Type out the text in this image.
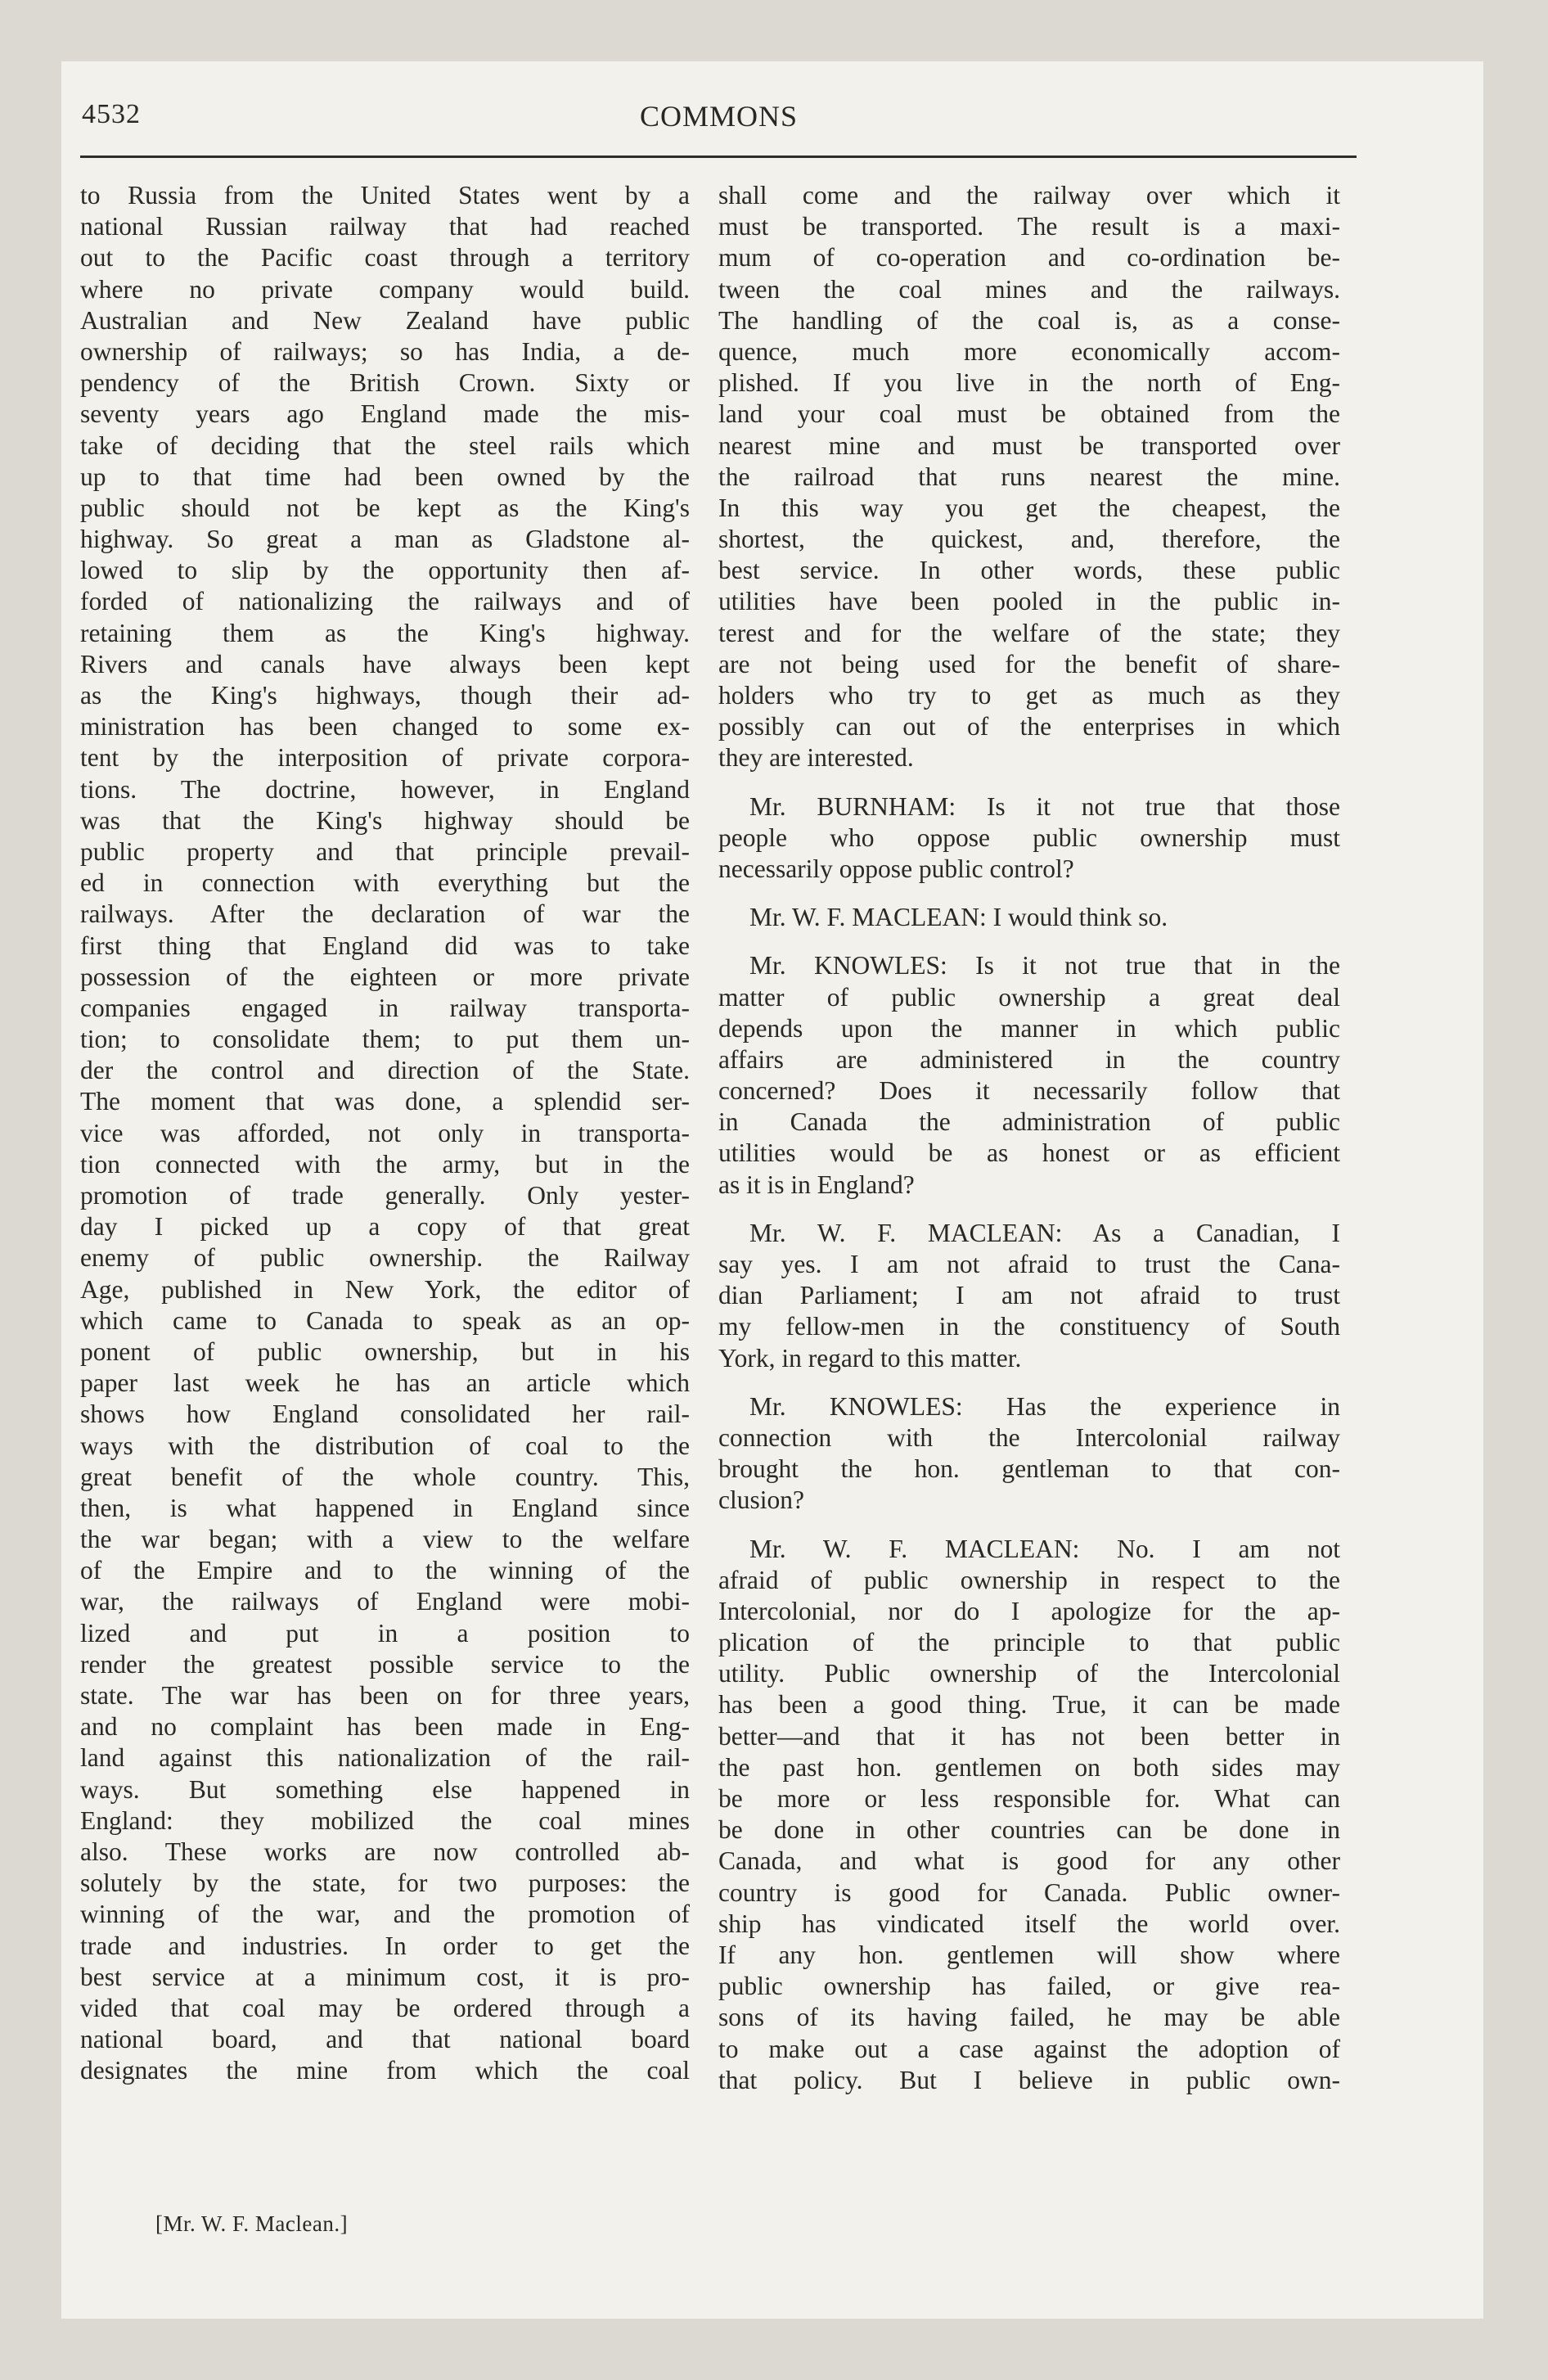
4532	COMMONS
to Russia from the United States went by a
national Russian railway that had reached
out to the Pacific coast through a territory
where no private company would build.
Australian and New Zealand have public
ownership of railways; so has India, a de-
pendency of the British Crown. Sixty or
seventy years ago England made the mis-
take of deciding that the steel rails which
up to that time had been owned by the
public should not be kept as the King's
highway. So great a man as Gladstone al-
lowed to slip by the opportunity then af-
forded of nationalizing the railways and of
retaining them as the King's highway.
Rivers and canals have always been kept
as the King's highways, though their ad-
ministration has been changed to some ex-
tent by the interposition of private corpora-
tions. The doctrine, however, in England
was that the King's highway should be
public property and that principle prevail-
ed in connection with everything but the
railways. After the declaration of war the
first thing that England did was to take
possession of the eighteen or more private
companies engaged in railway transporta-
tion; to consolidate them; to put them un-
der the control and direction of the State.
The moment that was done, a splendid ser-
vice was afforded, not only in transporta-
tion connected with the army, but in the
promotion of trade generally. Only yester-
day I picked up a copy of that great
enemy of public ownership. the Railway
Age, published in New York, the editor of
which came to Canada to speak as an op-
ponent of public ownership, but in his
paper last week he has an article which
shows how England consolidated her rail-
ways with the distribution of coal to the
great benefit of the whole country. This,
then, is what happened in England since
the war began; with a view to the welfare
of the Empire and to the winning of the
war, the railways of England were mobi-
lized and put in a position to
render the greatest possible service to the
state. The war has been on for three years,
and no complaint has been made in Eng-
land against this nationalization of the rail-
ways. But something else happened in
England: they mobilized the coal mines
also. These works are now controlled ab-
solutely by the state, for two purposes: the
winning of the war, and the promotion of
trade and industries. In order to get the
best service at a minimum cost, it is pro-
vided that coal may be ordered through a
national board, and that national board
designates the mine from which the coal
shall come and the railway over which it
must be transported. The result is a maxi-
mum of co-operation and co-ordination be-
tween the coal mines and the railways.
The handling of the coal is, as a conse-
quence, much more economically accom-
plished. If you live in the north of Eng-
land your coal must be obtained from the
nearest mine and must be transported over
the railroad that runs nearest the mine.
In this way you get the cheapest, the
shortest, the quickest, and, therefore, the
best service. In other words, these public
utilities have been pooled in the public in-
terest and for the welfare of the state; they
are not being used for the benefit of share-
holders who try to get as much as they
possibly can out of the enterprises in which
they are interested.
Mr. BURNHAM: Is it not true that those
people who oppose public ownership must
necessarily oppose public control?
Mr. W. F. MACLEAN: I would think so.
Mr. KNOWLES: Is it not true that in the
matter of public ownership a great deal
depends upon the manner in which public
affairs are administered in the country
concerned? Does it necessarily follow that
in Canada the administration of public
utilities would be as honest or as efficient
as it is in England?
Mr. W. F. MACLEAN: As a Canadian, I
say yes. I am not afraid to trust the Cana-
dian Parliament; I am not afraid to trust
my fellow-men in the constituency of South
York, in regard to this matter.
Mr. KNOWLES: Has the experience in
connection with the Intercolonial railway
brought the hon. gentleman to that con-
clusion?
Mr. W. F. MACLEAN: No. I am not
afraid of public ownership in respect to the
Intercolonial, nor do I apologize for the ap-
plication of the principle to that public
utility. Public ownership of the Intercolonial
has been a good thing. True, it can be made
better—and that it has not been better in
the past hon. gentlemen on both sides may
be more or less responsible for. What can
be done in other countries can be done in
Canada, and what is good for any other
country is good for Canada. Public owner-
ship has vindicated itself the world over.
If any hon. gentlemen will show where
public ownership has failed, or give rea-
sons of its having failed, he may be able
to make out a case against the adoption of
that policy. But I believe in public own-
[Mr. W. F. Maclean.]
